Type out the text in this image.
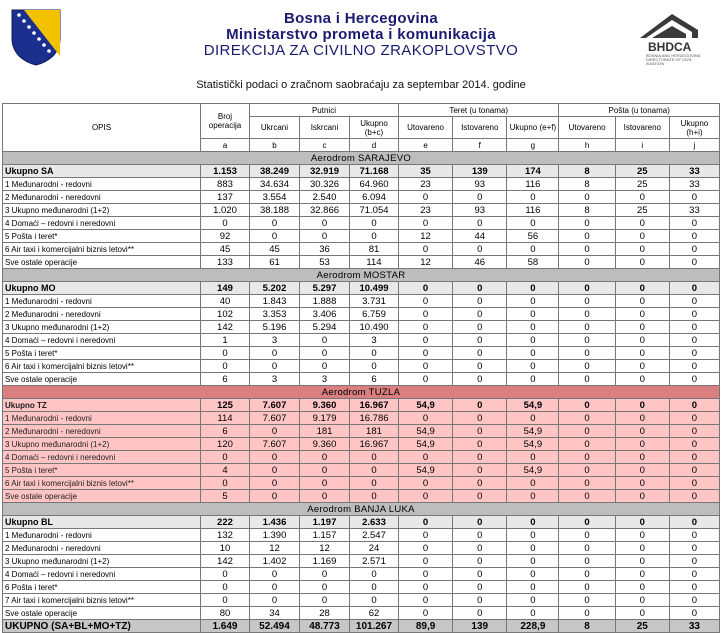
BHDCA
BOSNIA AND HERZEGOVINA DIRECTORATE OF CIVIL AVIATION
Bosna i Hercegovina
Ministarstvo prometa i komunikacija
DIREKCIJA ZA CIVILNO ZRAKOPLOVSTVO
Statistički podaci o zračnom saobraćaju za septembar 2014. godine
OPIS	Broj operacija	Putnici			Teret (u tonama)			Pošta (u tonama)		
		Ukrcani	Iskrcani	Ukupno (b+c)	Utovareno	Istovareno	Ukupno (e+f)	Utovareno	Istovareno	Ukupno (h+i)
	a	b	c	d	e	f	g	h	i	j
Aerodrom SARAJEVO										
Ukupno SA	1.153	38.249	32.919	71.168	35	139	174	8	25	33
1 Međunarodni - redovni	883	34.634	30.326	64.960	23	93	116	8	25	33
2 Međunarodni - neredovni	137	3.554	2.540	6.094	0	0	0	0	0	0
3 Ukupno međunarodni (1+2)	1.020	38.188	32.866	71.054	23	93	116	8	25	33
4 Domaći – redovni i neredovni	0	0	0	0	0	0	0	0	0	0
5 Pošta i teret*	92	0	0	0	12	44	56	0	0	0
6 Air taxi i komercijalni biznis letovi**	45	45	36	81	0	0	0	0	0	0
Sve ostale operacije	133	61	53	114	12	46	58	0	0	0
Aerodrom MOSTAR										
Ukupno MO	149	5.202	5.297	10.499	0	0	0	0	0	0
1 Međunarodni - redovni	40	1.843	1.888	3.731	0	0	0	0	0	0
2 Međunarodni - neredovni	102	3.353	3.406	6.759	0	0	0	0	0	0
3 Ukupno međunarodni (1+2)	142	5.196	5.294	10.490	0	0	0	0	0	0
4 Domaći – redovni i neredovni	1	3	0	3	0	0	0	0	0	0
5 Pošta i teret*	0	0	0	0	0	0	0	0	0	0
6 Air taxi i komercijalni biznis letovi**	0	0	0	0	0	0	0	0	0	0
Sve ostale operacije	6	3	3	6	0	0	0	0	0	0
Aerodrom TUZLA										
Ukupno TZ	125	7.607	9.360	16.967	54,9	0	54,9	0	0	0
1 Međunarodni - redovni	114	7.607	9.179	16.786	0	0	0	0	0	0
2 Međunarodni - neredovni	6	0	181	181	54,9	0	54,9	0	0	0
3 Ukupno međunarodni (1+2)	120	7.607	9.360	16.967	54,9	0	54,9	0	0	0
4 Domaći – redovni i neredovni	0	0	0	0	0	0	0	0	0	0
5 Pošta i teret*	4	0	0	0	54,9	0	54,9	0	0	0
6 Air taxi i komercijalni biznis letovi**	0	0	0	0	0	0	0	0	0	0
Sve ostale operacije	5	0	0	0	0	0	0	0	0	0
Aerodrom BANJA LUKA										
Ukupno BL	222	1.436	1.197	2.633	0	0	0	0	0	0
1 Međunarodni - redovni	132	1.390	1.157	2.547	0	0	0	0	0	0
2 Međunarodni - neredovni	10	12	12	24	0	0	0	0	0	0
3 Ukupno međunarodni (1+2)	142	1.402	1.169	2.571	0	0	0	0	0	0
4 Domaći – redovni i neredovni	0	0	0	0	0	0	0	0	0	0
6 Pošta i teret*	0	0	0	0	0	0	0	0	0	0
7 Air taxi i komercijalni biznis letovi**	0	0	0	0	0	0	0	0	0	0
Sve ostale operacije	80	34	28	62	0	0	0	0	0	0
UKUPNO (SA+BL+MO+TZ)	1.649	52.494	48.773	101.267	89,9	139	228,9	8	25	33
